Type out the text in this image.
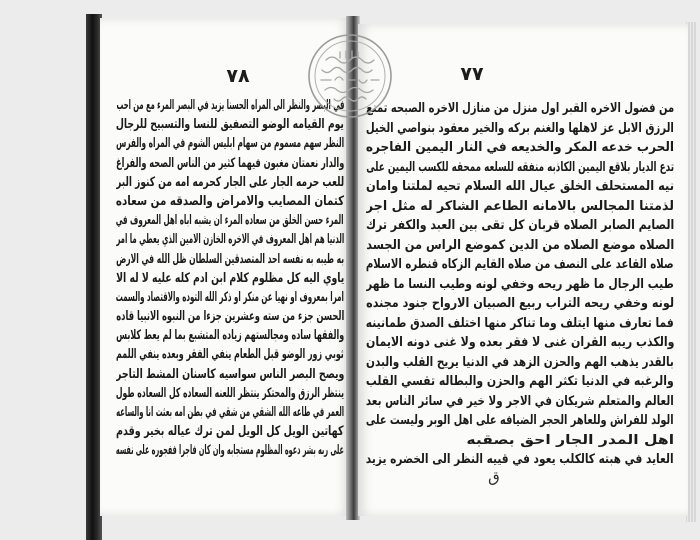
٧٨
في البصر والنظر الى المراه الحسنا يزيد في البصر المرء مع من احب
يوم القيامه الوضو التصفيق للنسا والتسبيح للرجال
النظر سهم مسموم من سهام ابليس الشوم في المراه والفرس
والدار نعمتان مغبون فيهما كثير من الناس الصحه والفراغ
للعب حرمه الجار على الجار كحرمه امه من كنوز البر
كتمان المصايب والامراض والصدقه من سعاده
المرء حسن الخلق من سعاده المرء ان يشبه اباه اهل المعروف في
الدنيا هم اهل المعروف في الاخره الخازن الامين الذي يعطي ما امر
به طيبه به نفسه احد المتصدقين السلطان ظل الله في الارض
ياوي اليه كل مظلوم كلام ابن ادم كله عليه لا له الا
امرا بمعروف او نهيا عن منكر او ذكر الله التوده والاقتصاد والسمت
الحسن جزء من سته وعشرين جزءا من النبوه الانبيا قاده
والفقها ساده ومجالستهم زياده المتشبع بما لم يعط كلابس
ثوبي زور الوضو قبل الطعام ينفي الفقر وبعده ينفي اللمم
ويصح البصر الناس سواسيه كاسنان المشط التاجر
ينتظر الرزق والمحتكر ينتظر اللعنه السعاده كل السعاده طول
العمر في طاعه الله الشقي من شقي في بطن امه بعثت انا والساعه
كهاتين الويل كل الويل لمن ترك عياله بخير وقدم
على ربه بشر دعوه المظلوم مستجابه وان كان فاجرا ففجوره على نفسه
٧٧
من فضول الاخره القبر اول منزل من منازل الاخره الصبحه تمنع
الرزق الابل عز لاهلها والغنم بركه والخير معقود بنواصي الخيل
الحرب خدعه المكر والخديعه في النار اليمين الفاجره
تدع الديار بلاقع اليمين الكاذبه منفقه للسلعه ممحقه للكسب اليمين على
نيه المستحلف الخلق عيال الله السلام تحيه لملتنا وامان
لذمتنا المجالس بالامانه الطاعم الشاكر له مثل اجر
الصايم الصابر الصلاه قربان كل تقى بين العبد والكفر ترك
الصلاه موضع الصلاه من الدين كموضع الراس من الجسد
صلاه القاعد على النصف من صلاه القايم الزكاه قنطره الاسلام
طيب الرجال ما ظهر ريحه وخفي لونه وطيب النسا ما ظهر
لونه وخفي ريحه التراب ربيع الصبيان الارواح جنود مجنده
فما تعارف منها ايتلف وما تناكر منها اختلف الصدق طمانينه
والكذب ريبه القران غنى لا فقر بعده ولا غنى دونه الايمان
بالقدر يذهب الهم والحزن الزهد في الدنيا يريح القلب والبدن
والرغبه في الدنيا تكثر الهم والحزن والبطاله تقسي القلب
العالم والمتعلم شريكان في الاجر ولا خير في سائر الناس بعد
الولد للفراش وللعاهر الحجر الضيافه على اهل الوبر وليست على
اهل المدر الجار احق بصقبه
العايد في هبته كالكلب يعود في قييه النظر الى الخضره يزيد
ق
